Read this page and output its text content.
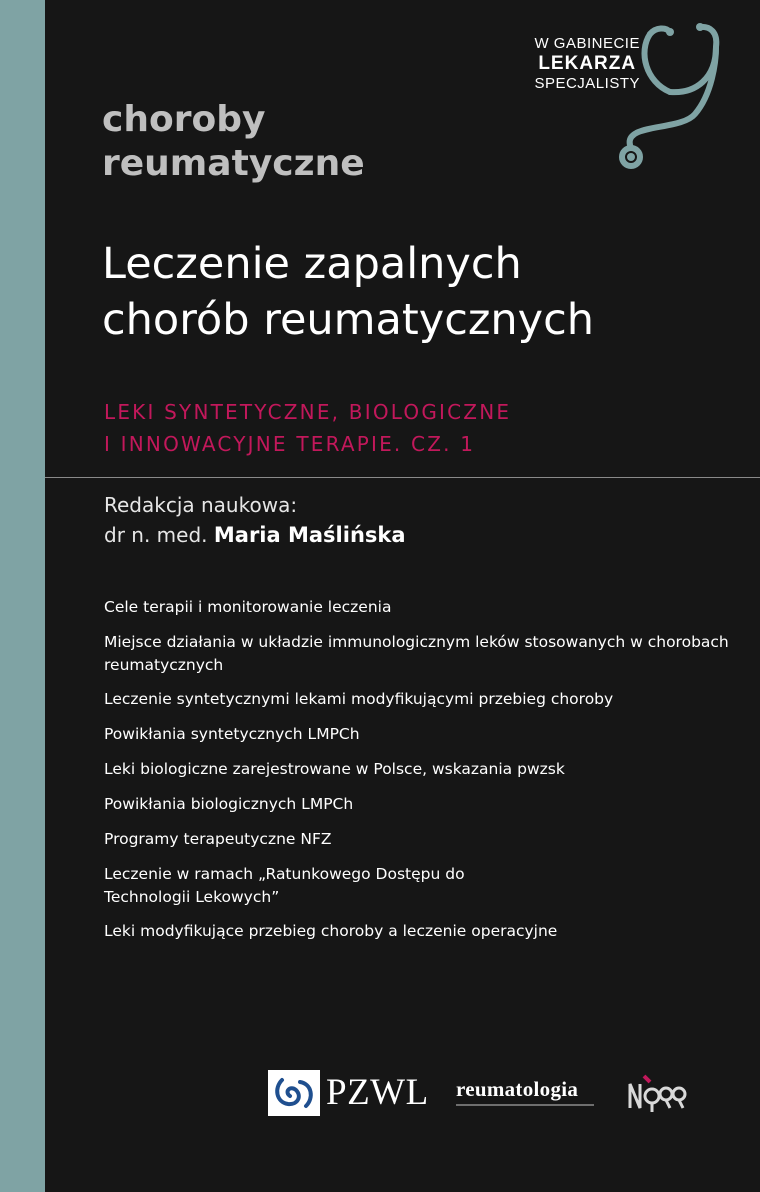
choroby
reumatyczne
W GABINECIE
LEKARZA
SPECJALISTY
Leczenie zapalnych
chorób reumatycznych
LEKI SYNTETYCZNE, BIOLOGICZNE
I INNOWACYJNE TERAPIE. CZ. 1
Redakcja naukowa:
dr n. med. Maria Maślińska
Cele terapii i monitorowanie leczenia
Miejsce działania w układzie immunologicznym leków stosowanych w chorobach reumatycznych
Leczenie syntetycznymi lekami modyfikującymi przebieg choroby
Powikłania syntetycznych LMPCh
Leki biologiczne zarejestrowane w Polsce, wskazania pwzsk
Powikłania biologicznych LMPCh
Programy terapeutyczne NFZ
Leczenie w ramach „Ratunkowego Dostępu do Technologii Lekowych”
Leki modyfikujące przebieg choroby a leczenie operacyjne
PZWL reumatologia
